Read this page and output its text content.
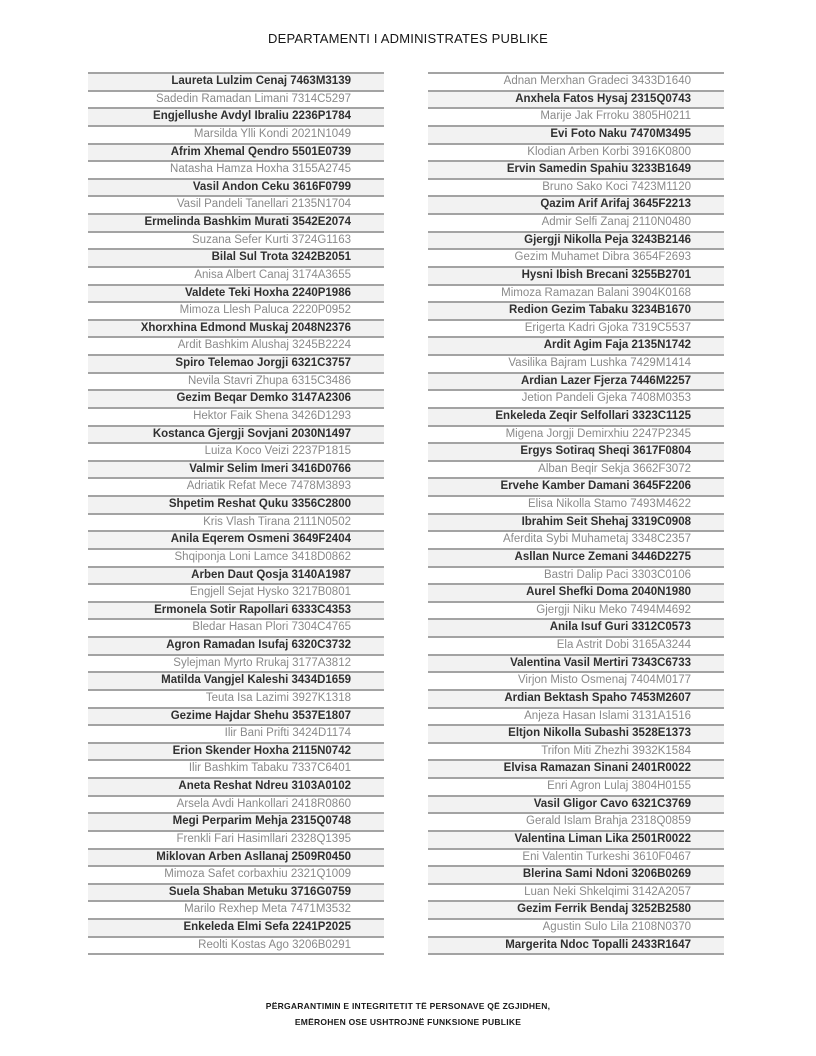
DEPARTAMENTI I ADMINISTRATES PUBLIKE
Laureta Lulzim Cenaj 7463M3139
Sadedin Ramadan Limani 7314C5297
Engjellushe Avdyl Ibraliu 2236P1784
Marsilda Ylli Kondi 2021N1049
Afrim Xhemal Qendro 5501E0739
Natasha Hamza Hoxha 3155A2745
Vasil Andon Ceku 3616F0799
Vasil Pandeli Tanellari 2135N1704
Ermelinda Bashkim Murati 3542E2074
Suzana Sefer Kurti 3724G1163
Bilal Sul Trota 3242B2051
Anisa Albert Canaj 3174A3655
Valdete Teki Hoxha 2240P1986
Mimoza Llesh Paluca 2220P0952
Xhorxhina Edmond Muskaj 2048N2376
Ardit Bashkim Alushaj 3245B2224
Spiro Telemao Jorgji 6321C3757
Nevila Stavri Zhupa 6315C3486
Gezim Beqar Demko 3147A2306
Hektor Faik Shena 3426D1293
Kostanca Gjergji Sovjani 2030N1497
Luiza Koco Veizi 2237P1815
Valmir Selim Imeri 3416D0766
Adriatik Refat Mece 7478M3893
Shpetim Reshat Quku 3356C2800
Kris Vlash Tirana 2111N0502
Anila Eqerem Osmeni 3649F2404
Shqiponja Loni Lamce 3418D0862
Arben Daut Qosja 3140A1987
Engjell Sejat Hysko 3217B0801
Ermonela Sotir Rapollari 6333C4353
Bledar Hasan Plori 7304C4765
Agron Ramadan Isufaj 6320C3732
Sylejman Myrto Rrukaj 3177A3812
Matilda Vangjel Kaleshi 3434D1659
Teuta Isa Lazimi 3927K1318
Gezime Hajdar Shehu 3537E1807
Ilir Bani Prifti 3424D1174
Erion Skender Hoxha 2115N0742
Ilir Bashkim Tabaku 7337C6401
Aneta Reshat Ndreu 3103A0102
Arsela Avdi Hankollari 2418R0860
Megi Perparim Mehja 2315Q0748
Frenkli Fari Hasimllari 2328Q1395
Miklovan Arben Asllanaj 2509R0450
Mimoza Safet corbaxhiu 2321Q1009
Suela Shaban Metuku 3716G0759
Marilo Rexhep Meta 7471M3532
Enkeleda Elmi Sefa 2241P2025
Reolti Kostas Ago 3206B0291
Adnan Merxhan Gradeci 3433D1640
Anxhela Fatos Hysaj 2315Q0743
Marije Jak Frroku 3805H0211
Evi Foto Naku 7470M3495
Klodian Arben Korbi 3916K0800
Ervin Samedin Spahiu 3233B1649
Bruno Sako Koci 7423M1120
Qazim Arif Arifaj 3645F2213
Admir Selfi Zanaj 2110N0480
Gjergji Nikolla Peja 3243B2146
Gezim Muhamet Dibra 3654F2693
Hysni Ibish Brecani 3255B2701
Mimoza Ramazan Balani 3904K0168
Redion Gezim Tabaku 3234B1670
Erigerta Kadri Gjoka 7319C5537
Ardit Agim Faja 2135N1742
Vasilika Bajram Lushka 7429M1414
Ardian Lazer Fjerza 7446M2257
Jetion Pandeli Gjeka 7408M0353
Enkeleda Zeqir Selfollari 3323C1125
Migena Jorgji Demirxhiu 2247P2345
Ergys Sotiraq Sheqi 3617F0804
Alban Beqir Sekja 3662F3072
Ervehe Kamber Damani 3645F2206
Elisa Nikolla Stamo 7493M4622
Ibrahim Seit Shehaj 3319C0908
Aferdita Sybi Muhametaj 3348C2357
Asllan Nurce Zemani 3446D2275
Bastri Dalip Paci 3303C0106
Aurel Shefki Doma 2040N1980
Gjergji Niku Meko 7494M4692
Anila Isuf Guri 3312C0573
Ela Astrit Dobi 3165A3244
Valentina Vasil Mertiri 7343C6733
Virjon Misto Osmenaj 7404M0177
Ardian Bektash Spaho 7453M2607
Anjeza Hasan Islami 3131A1516
Eltjon Nikolla Subashi 3528E1373
Trifon Miti Zhezhi 3932K1584
Elvisa Ramazan Sinani 2401R0022
Enri Agron Lulaj 3804H0155
Vasil Gligor Cavo 6321C3769
Gerald Islam Brahja 2318Q0859
Valentina Liman Lika 2501R0022
Eni Valentin Turkeshi 3610F0467
Blerina Sami Ndoni 3206B0269
Luan Neki Shkelqimi 3142A2057
Gezim Ferrik Bendaj 3252B2580
Agustin Sulo Lila 2108N0370
Margerita Ndoc Topalli 2433R1647
PËRGARANTIMIN E INTEGRITETIT TË PERSONAVE QË ZGJIDHEN,
EMËROHEN OSE USHTROJNË FUNKSIONE PUBLIKE
